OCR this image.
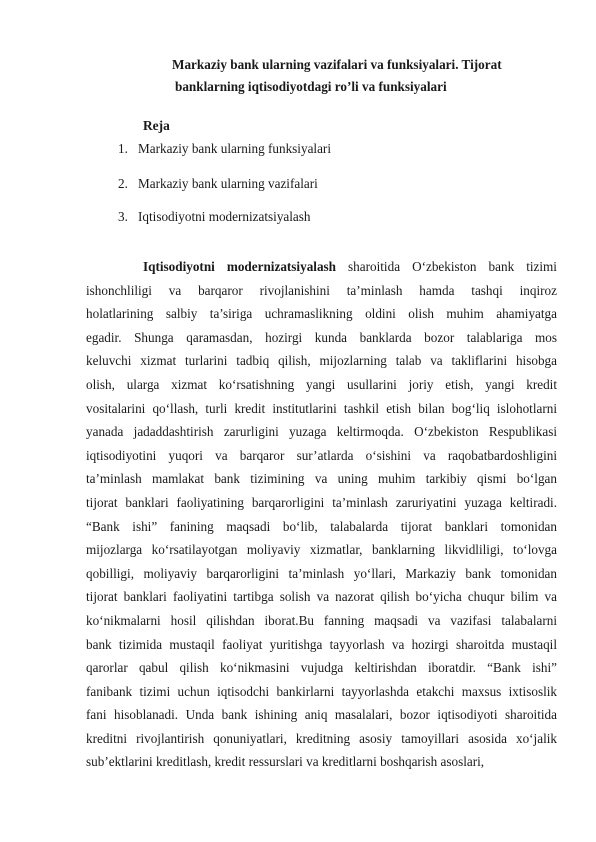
Markaziy bank ularning vazifalari va funksiyalari. Tijorat
banklarning iqtisodiyotdagi ro’li va funksiyalari
Reja
1. Markaziy bank ularning funksiyalari
2. Markaziy bank ularning vazifalari
3. Iqtisodiyotni modernizatsiyalash
Iqtisodiyotni modernizatsiyalash sharoitida O‘zbekiston bank tizimi
ishonchliligi va barqaror rivojlanishini ta’minlash hamda tashqi inqiroz
holatlarining salbiy ta’siriga uchramaslikning oldini olish muhim ahamiyatga
egadir. Shunga qaramasdan, hozirgi kunda banklarda bozor talablariga mos
keluvchi xizmat turlarini tadbiq qilish, mijozlarning talab va takliflarini hisobga
olish, ularga xizmat ko‘rsatishning yangi usullarini joriy etish, yangi kredit
vositalarini qo‘llash, turli kredit institutlarini tashkil etish bilan bog‘liq islohotlarni
yanada jadaddashtirish zarurligini yuzaga keltirmoqda. O‘zbekiston Respublikasi
iqtisodiyotini yuqori va barqaror sur’atlarda o‘sishini va raqobatbardoshligini
ta’minlash mamlakat bank tizimining va uning muhim tarkibiy qismi bo‘lgan
tijorat banklari faoliyatining barqarorligini ta’minlash zaruriyatini yuzaga keltiradi.
“Bank ishi” fanining maqsadi bo‘lib, talabalarda tijorat banklari tomonidan
mijozlarga ko‘rsatilayotgan moliyaviy xizmatlar, banklarning likvidliligi, to‘lovga
qobilligi, moliyaviy barqarorligini ta’minlash yo‘llari, Markaziy bank tomonidan
tijorat banklari faoliyatini tartibga solish va nazorat qilish bo‘yicha chuqur bilim va
ko‘nikmalarni hosil qilishdan iborat.Bu fanning maqsadi va vazifasi talabalarni
bank tizimida mustaqil faoliyat yuritishga tayyorlash va hozirgi sharoitda mustaqil
qarorlar qabul qilish ko‘nikmasini vujudga keltirishdan iboratdir. “Bank ishi”
fanibank tizimi uchun iqtisodchi bankirlarni tayyorlashda etakchi maxsus ixtisoslik
fani hisoblanadi. Unda bank ishining aniq masalalari, bozor iqtisodiyoti sharoitida
kreditni rivojlantirish qonuniyatlari, kreditning asosiy tamoyillari asosida xo‘jalik
sub’ektlarini kreditlash, kredit ressurslari va kreditlarni boshqarish asoslari,
